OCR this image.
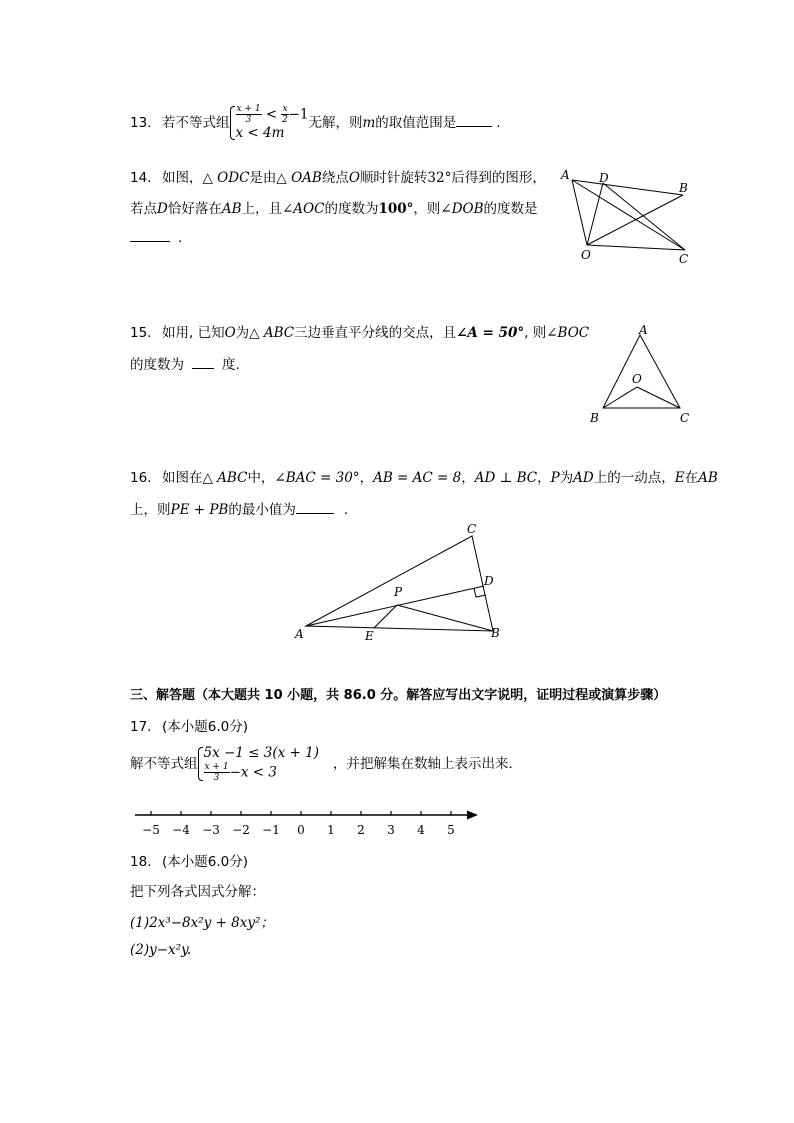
13. 若不等式组 $\frac{x + 1}{3} < \frac{x}{2} -1$
x < 4m
无解，则m的取值范围是	.
14. 如图，△ ODC是由△ OAB绕点O顺时针旋转32°后得到的图形，
若点D恰好落在AB上，且∠AOC的度数为100°，则∠DOB的度数是
.
A D
B
O	C
15. 如用, 已知O为△ ABC三边垂直平分线的交点，且∠A = 50°, 则∠BOC
的度数为	度.
A
O
B	C
16. 如图在△ ABC中，∠BAC = 30°，AB = AC = 8，AD ⊥ BC，P为AD上的一动点，E在AB
上，则PE + PB的最小值为	.
A
C
D
P
E	B
三、解答题（本大题共 10 小题，共 86.0 分。解答应写出文字说明，证明过程或演算步骤）
17. (本小题6.0分)
解不等式组
5x −1 ≤ 3(x + 1)
$\frac{x + 1}{3} -x < 3$
，并把解集在数轴上表示出来．
−5 −4 −3 −2 −1 0 1 2 3 4 5
18. (本小题6.0分)
把下列各式因式分解：
(1)2x³−8x²y + 8xy²；
(2)y−x²y.
